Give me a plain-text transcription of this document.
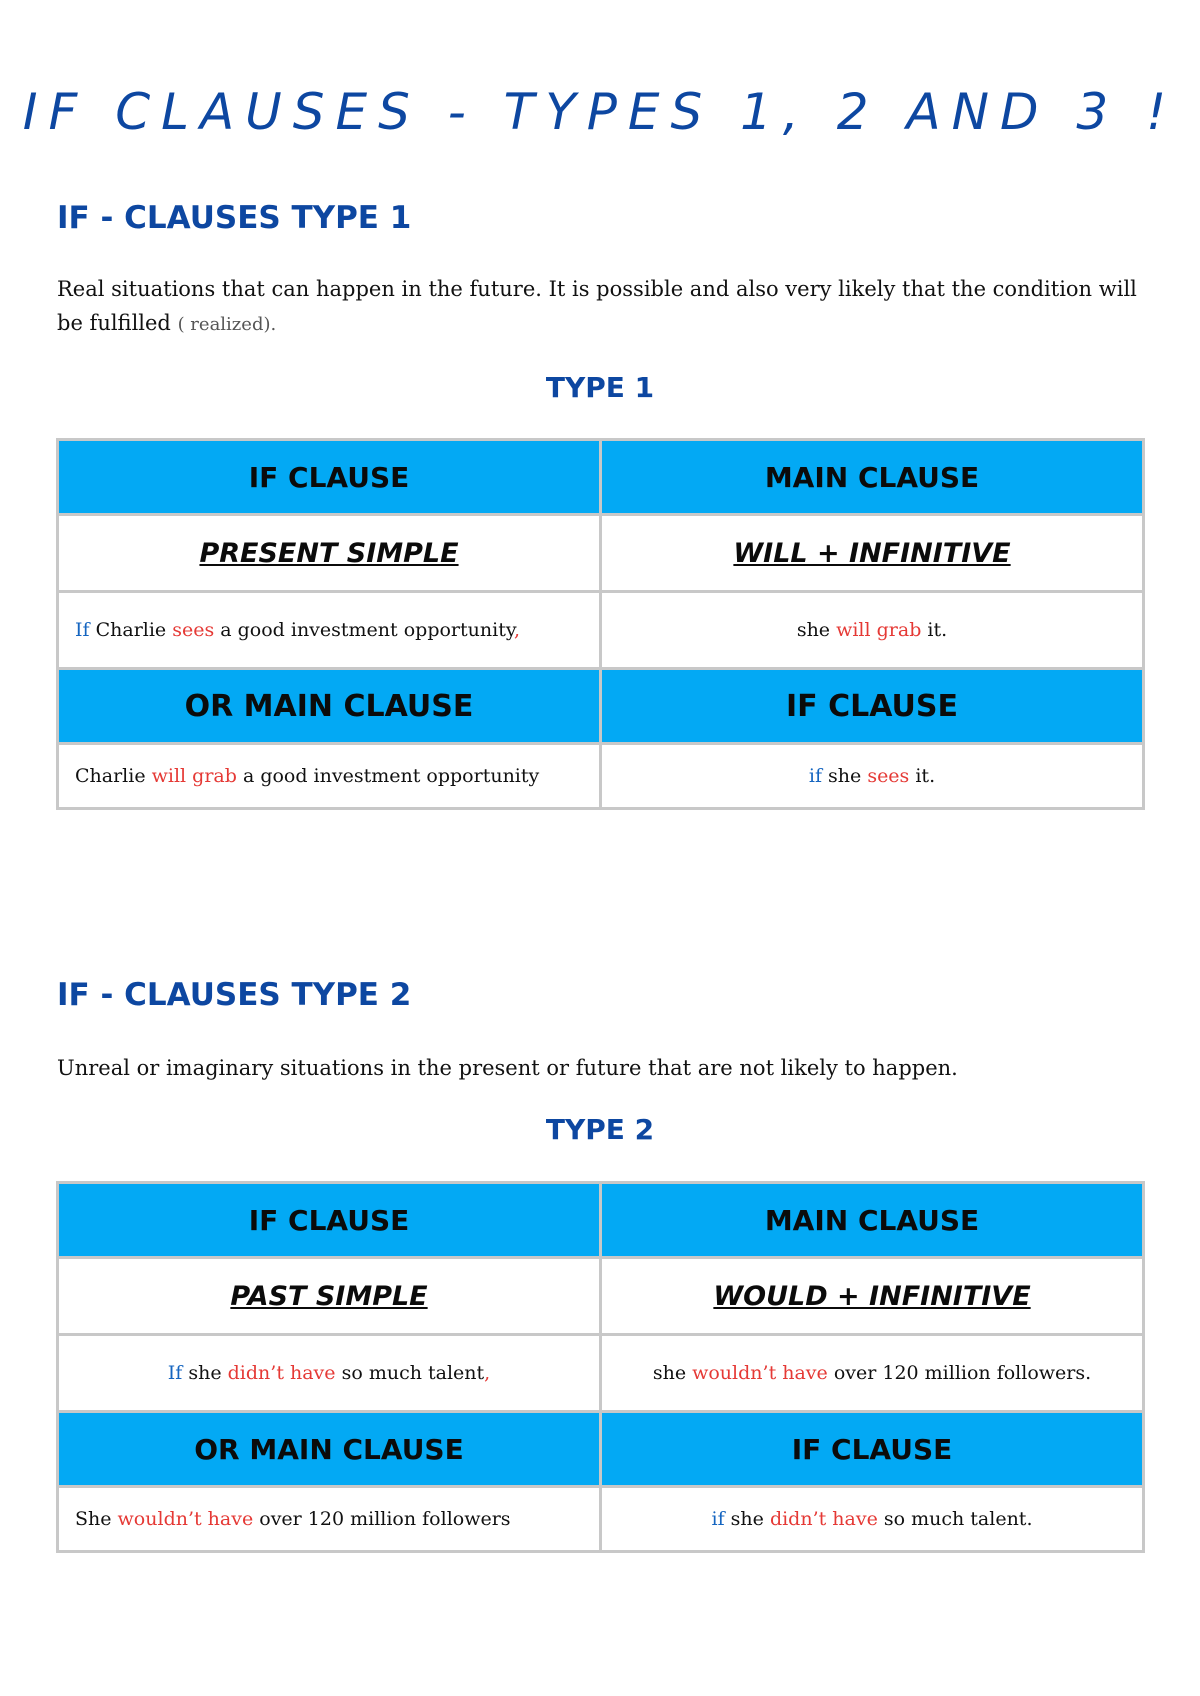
IF CLAUSES - TYPES 1, 2 AND 3 !
IF - CLAUSES TYPE 1

Real situations that can happen in the future. It is possible and also very likely that the condition will be fulfilled ( realized).

TYPE 1
IF CLAUSE	MAIN CLAUSE
PRESENT SIMPLE	WILL + INFINITIVE
If Charlie sees a good investment opportunity,	she will grab it.
OR MAIN CLAUSE	IF CLAUSE
Charlie will grab a good investment opportunity	if she sees it.
IF - CLAUSES TYPE 2

Unreal or imaginary situations in the present or future that are not likely to happen.

TYPE 2
IF CLAUSE	MAIN CLAUSE
PAST SIMPLE	WOULD + INFINITIVE
If she didn’t have so much talent,	she wouldn’t have over 120 million followers.
OR MAIN CLAUSE	IF CLAUSE
She wouldn’t have over 120 million followers	if she didn’t have so much talent.
